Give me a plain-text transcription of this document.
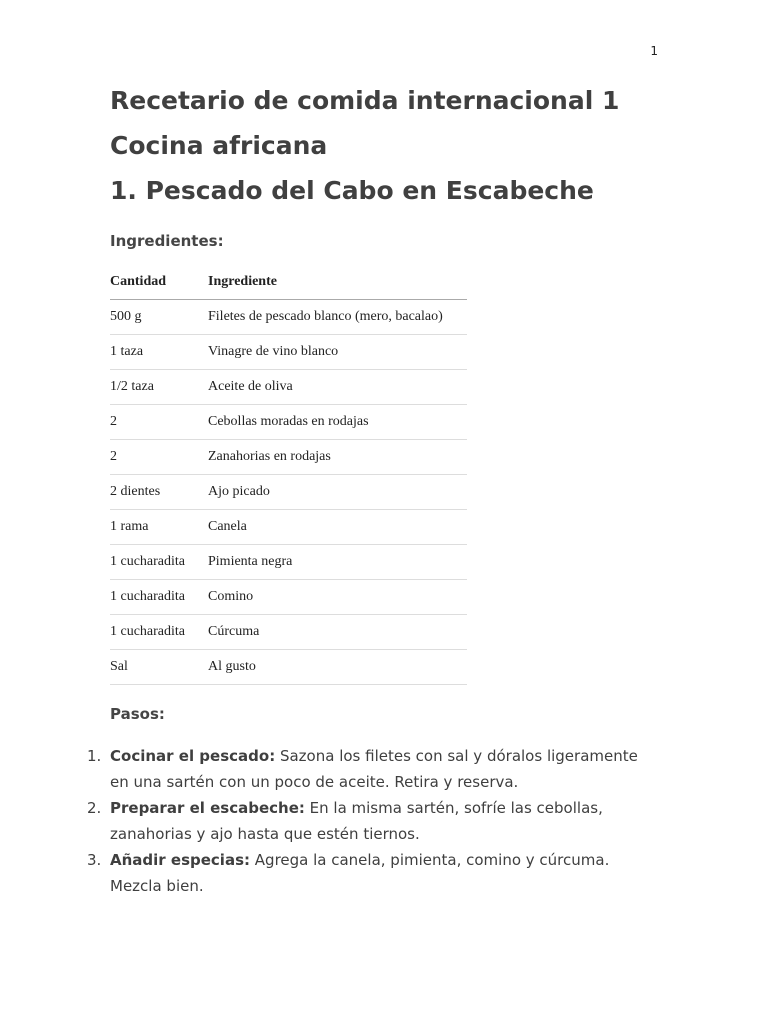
1
Recetario de comida internacional 1
Cocina africana
1. Pescado del Cabo en Escabeche
Ingredientes:
Cantidad	Ingrediente
500 g	Filetes de pescado blanco (mero, bacalao)
1 taza	Vinagre de vino blanco
1/2 taza	Aceite de oliva
2	Cebollas moradas en rodajas
2	Zanahorias en rodajas
2 dientes	Ajo picado
1 rama	Canela
1 cucharadita	Pimienta negra
1 cucharadita	Comino
1 cucharadita	Cúrcuma
Sal	Al gusto
Pasos:
1. Cocinar el pescado: Sazona los filetes con sal y dóralos ligeramente en una sartén con un poco de aceite. Retira y reserva.
2. Preparar el escabeche: En la misma sartén, sofríe las cebollas, zanahorias y ajo hasta que estén tiernos.
3. Añadir especias: Agrega la canela, pimienta, comino y cúrcuma. Mezcla bien.
